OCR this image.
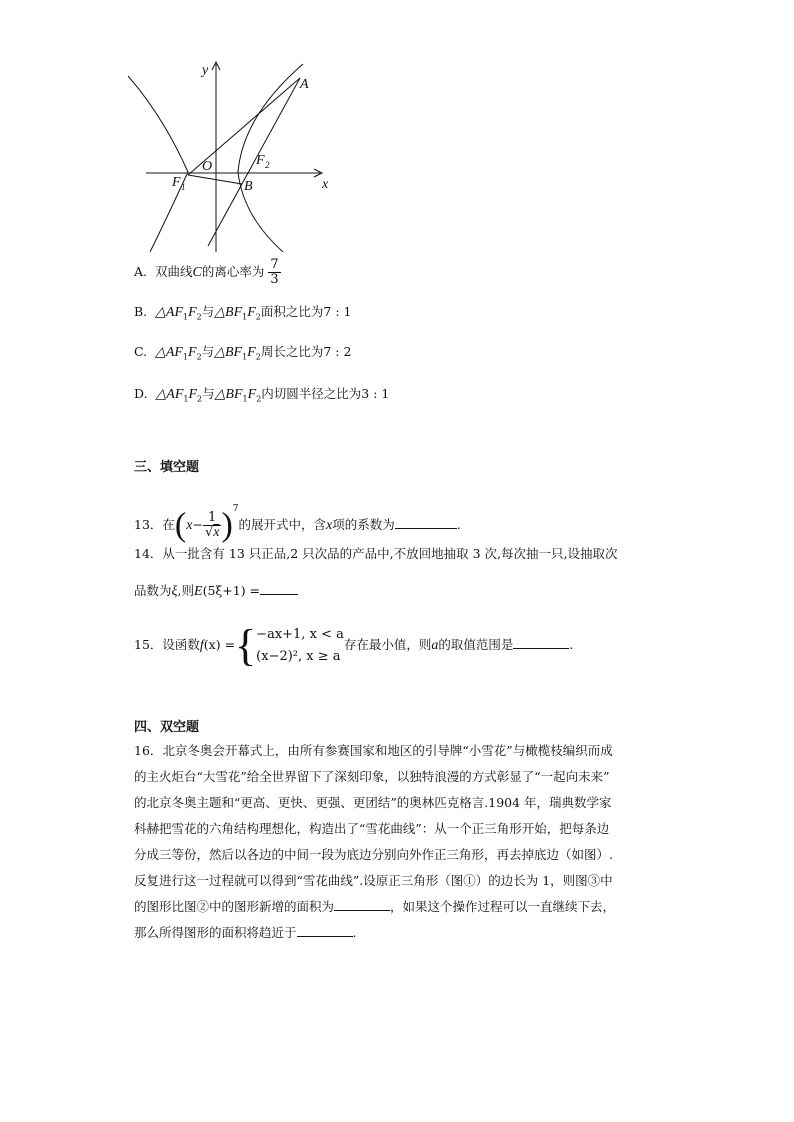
y
x
A
O
F 1
F 2
B
A. 双曲线C的离心率为 $\frac{7}{3}$
B. $\triangle AF_1F_2$与$\triangle BF_1F_2$面积之比为7 : 1
C. $\triangle AF_1F_2$与$\triangle BF_1F_2$周长之比为7 : 2
D. $\triangle AF_1F_2$与$\triangle BF_1F_2$内切圆半径之比为3 : 1
三、填空题
13．在$(x- \frac{1}{√x} )^7$的展开式中，含x项的系数为	.
14．从一批含有 13 只正品,2 只次品的产品中,不放回地抽取 3 次,每次抽一只,设抽取次
品数为ξ,则E(5ξ+1) =
15．设函数f(x) ={ −ax+1, x < a
(x−2)², x ≥ a
存在最小值，则a的取值范围是	.
四、双空题
16．北京冬奥会开幕式上，由所有参赛国家和地区的引导牌“小雪花”与橄榄枝编织而成
的主火炬台“大雪花”给全世界留下了深刻印象，以独特浪漫的方式彰显了“一起向未来”
的北京冬奥主题和“更高、更快、更强、更团结”的奥林匹克格言.1904 年，瑞典数学家
科赫把雪花的六角结构理想化，构造出了“雪花曲线”：从一个正三角形开始，把每条边
分成三等份，然后以各边的中间一段为底边分别向外作正三角形，再去掉底边（如图）.
反复进行这一过程就可以得到“雪花曲线”.设原正三角形（图①）的边长为 1，则图③中
的图形比图②中的图形新增的面积为	，如果这个操作过程可以一直继续下去，
那么所得图形的面积将趋近于	.
